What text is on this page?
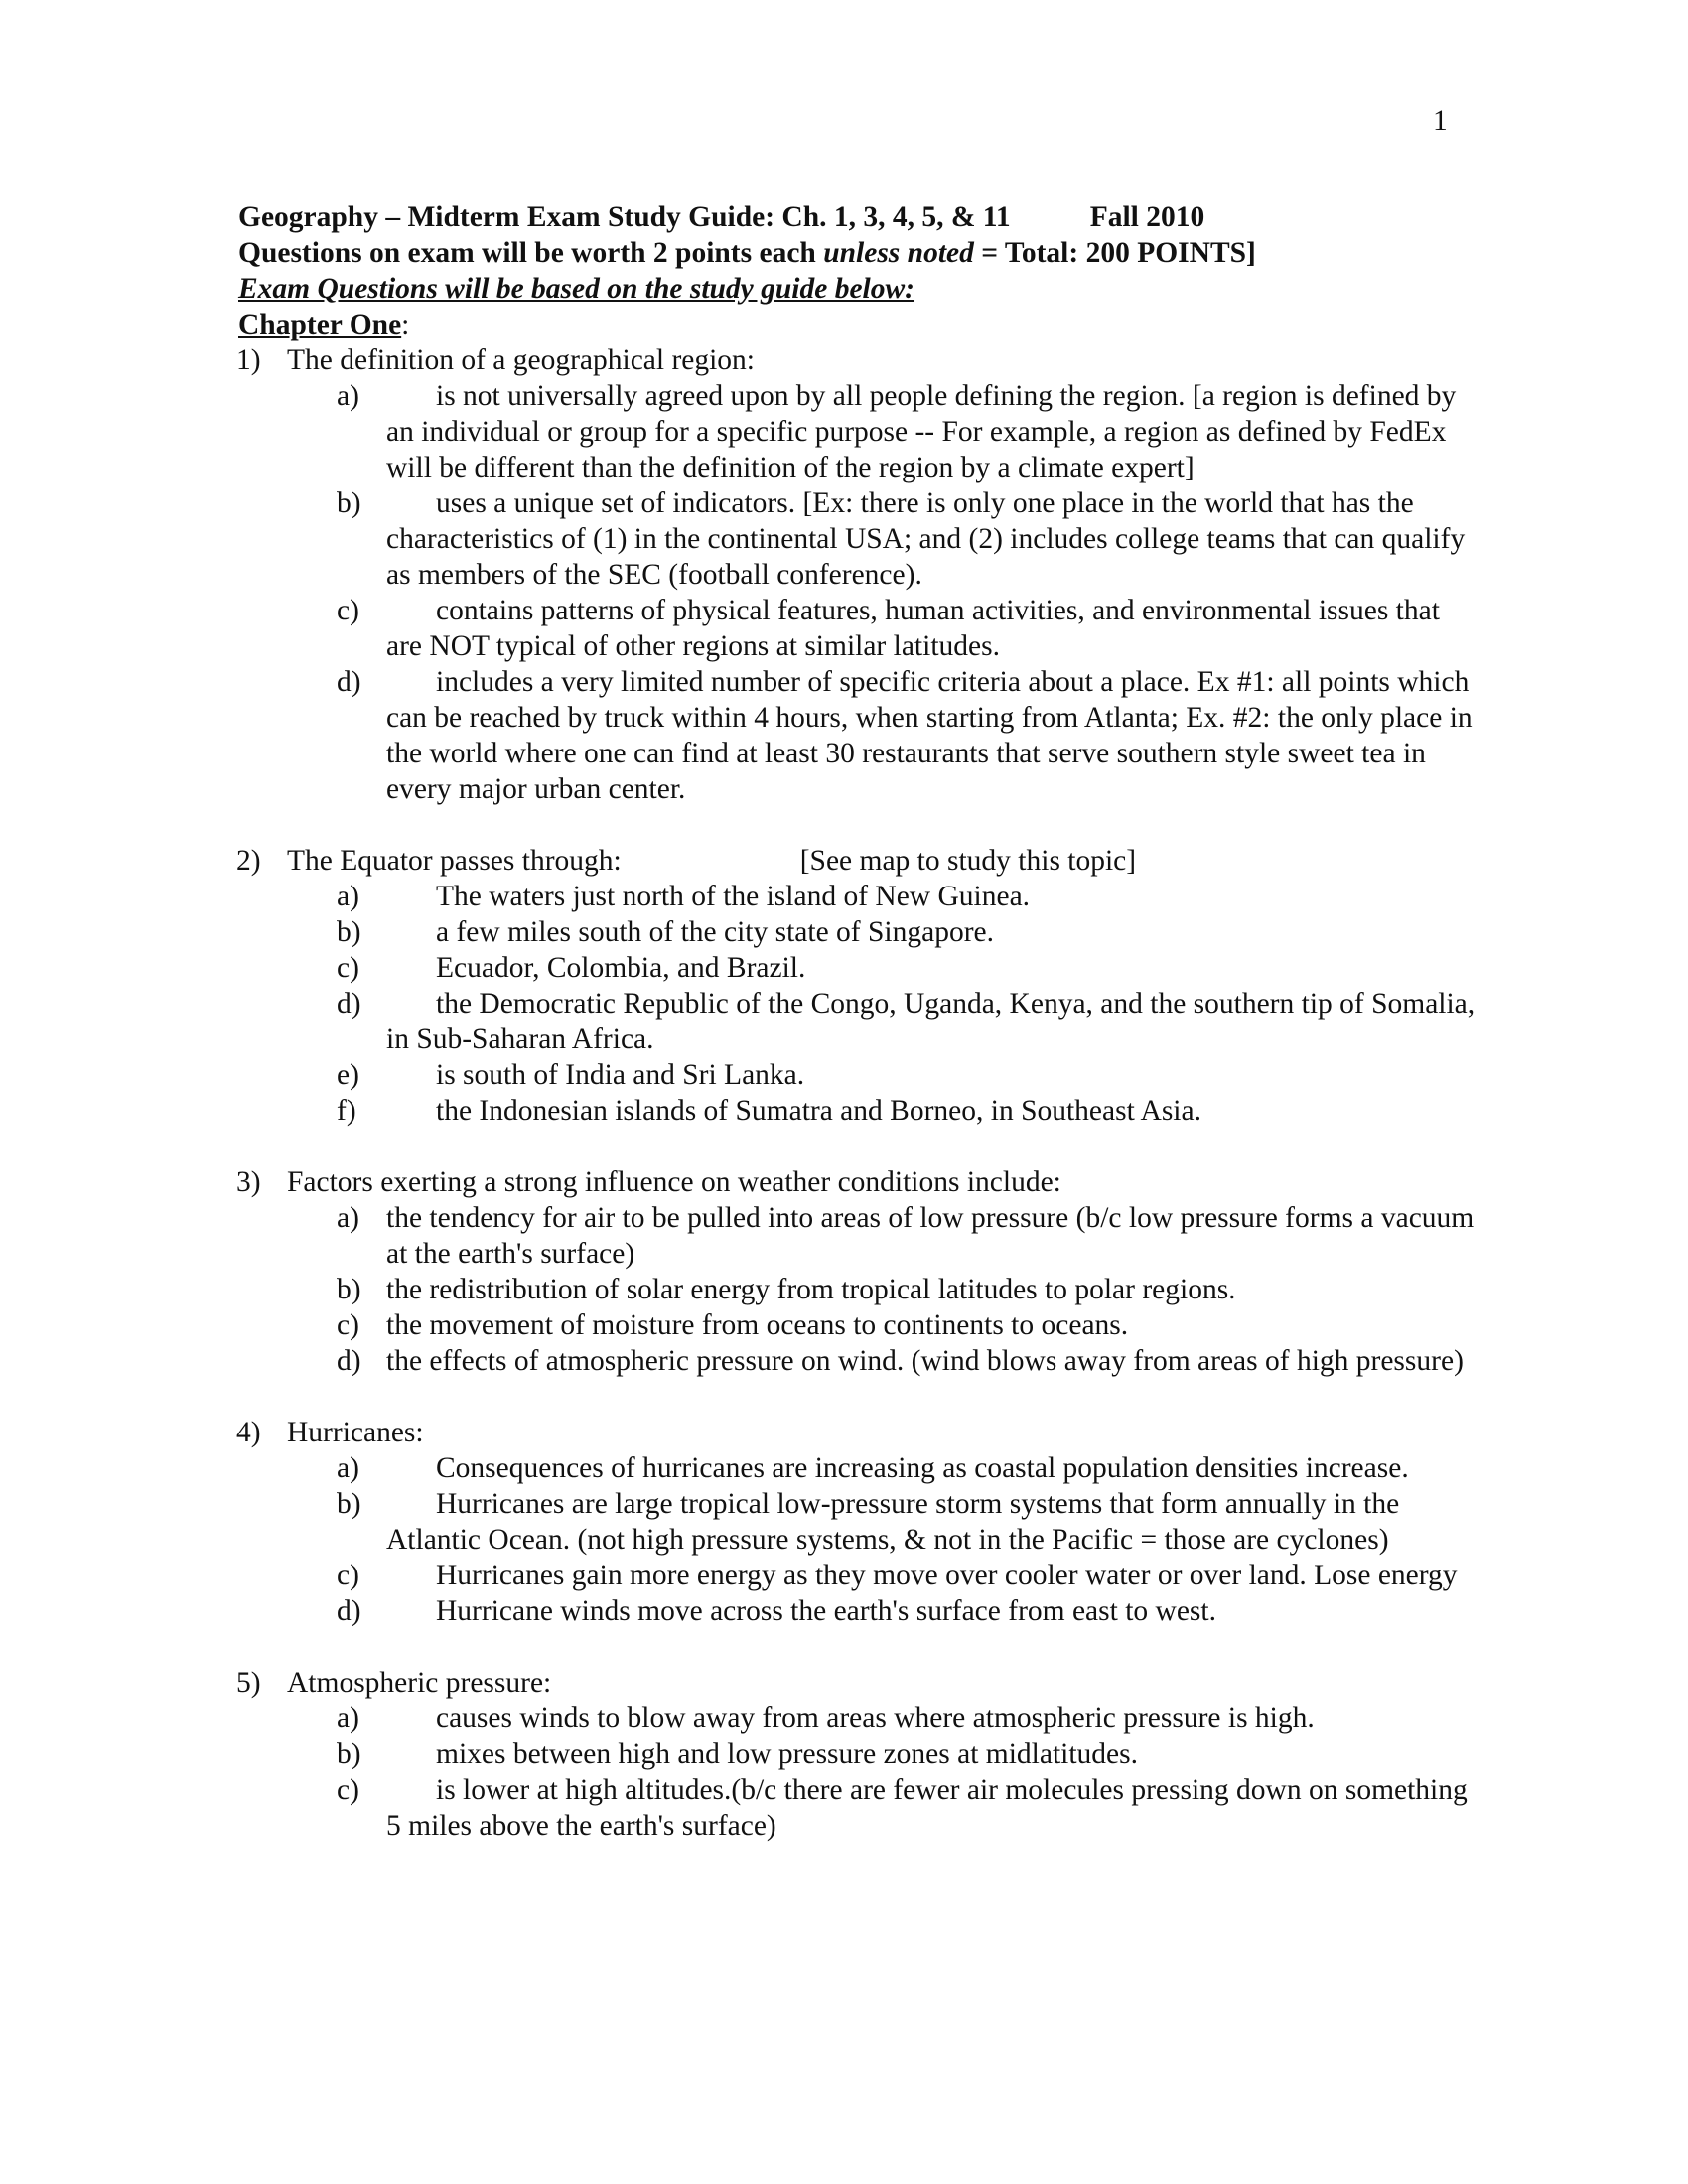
1
Geography – Midterm Exam Study Guide: Ch. 1, 3, 4, 5, & 11	Fall 2010
Questions on exam will be worth 2 points each unless noted = Total: 200 POINTS]
Exam Questions will be based on the study guide below:
Chapter One:
1) The definition of a geographical region:
a)	is not universally agreed upon by all people defining the region. [a region is defined by an individual or group for a specific purpose -- For example, a region as defined by FedEx will be different than the definition of the region by a climate expert]
b)	uses a unique set of indicators. [Ex: there is only one place in the world that has the characteristics of (1) in the continental USA; and (2) includes college teams that can qualify as members of the SEC (football conference).
c)	contains patterns of physical features, human activities, and environmental issues that are NOT typical of other regions at similar latitudes.
d)	includes a very limited number of specific criteria about a place. Ex #1: all points which can be reached by truck within 4 hours, when starting from Atlanta; Ex. #2: the only place in the world where one can find at least 30 restaurants that serve southern style sweet tea in every major urban center.
2) The Equator passes through:	[See map to study this topic]
a)	The waters just north of the island of New Guinea.
b)	a few miles south of the city state of Singapore.
c)	Ecuador, Colombia, and Brazil.
d)	the Democratic Republic of the Congo, Uganda, Kenya, and the southern tip of Somalia, in Sub-Saharan Africa.
e)	is south of India and Sri Lanka.
f)	the Indonesian islands of Sumatra and Borneo, in Southeast Asia.
3) Factors exerting a strong influence on weather conditions include:
a) the tendency for air to be pulled into areas of low pressure (b/c low pressure forms a vacuum at the earth's surface)
b) the redistribution of solar energy from tropical latitudes to polar regions.
c) the movement of moisture from oceans to continents to oceans.
d) the effects of atmospheric pressure on wind. (wind blows away from areas of high pressure)
4) Hurricanes:
a)	Consequences of hurricanes are increasing as coastal population densities increase.
b)	Hurricanes are large tropical low-pressure storm systems that form annually in the Atlantic Ocean. (not high pressure systems, & not in the Pacific = those are cyclones)
c)	Hurricanes gain more energy as they move over cooler water or over land. Lose energy
d)	Hurricane winds move across the earth's surface from east to west.
5) Atmospheric pressure:
a)	causes winds to blow away from areas where atmospheric pressure is high.
b)	mixes between high and low pressure zones at midlatitudes.
c)	is lower at high altitudes.(b/c there are fewer air molecules pressing down on something 5 miles above the earth's surface)
